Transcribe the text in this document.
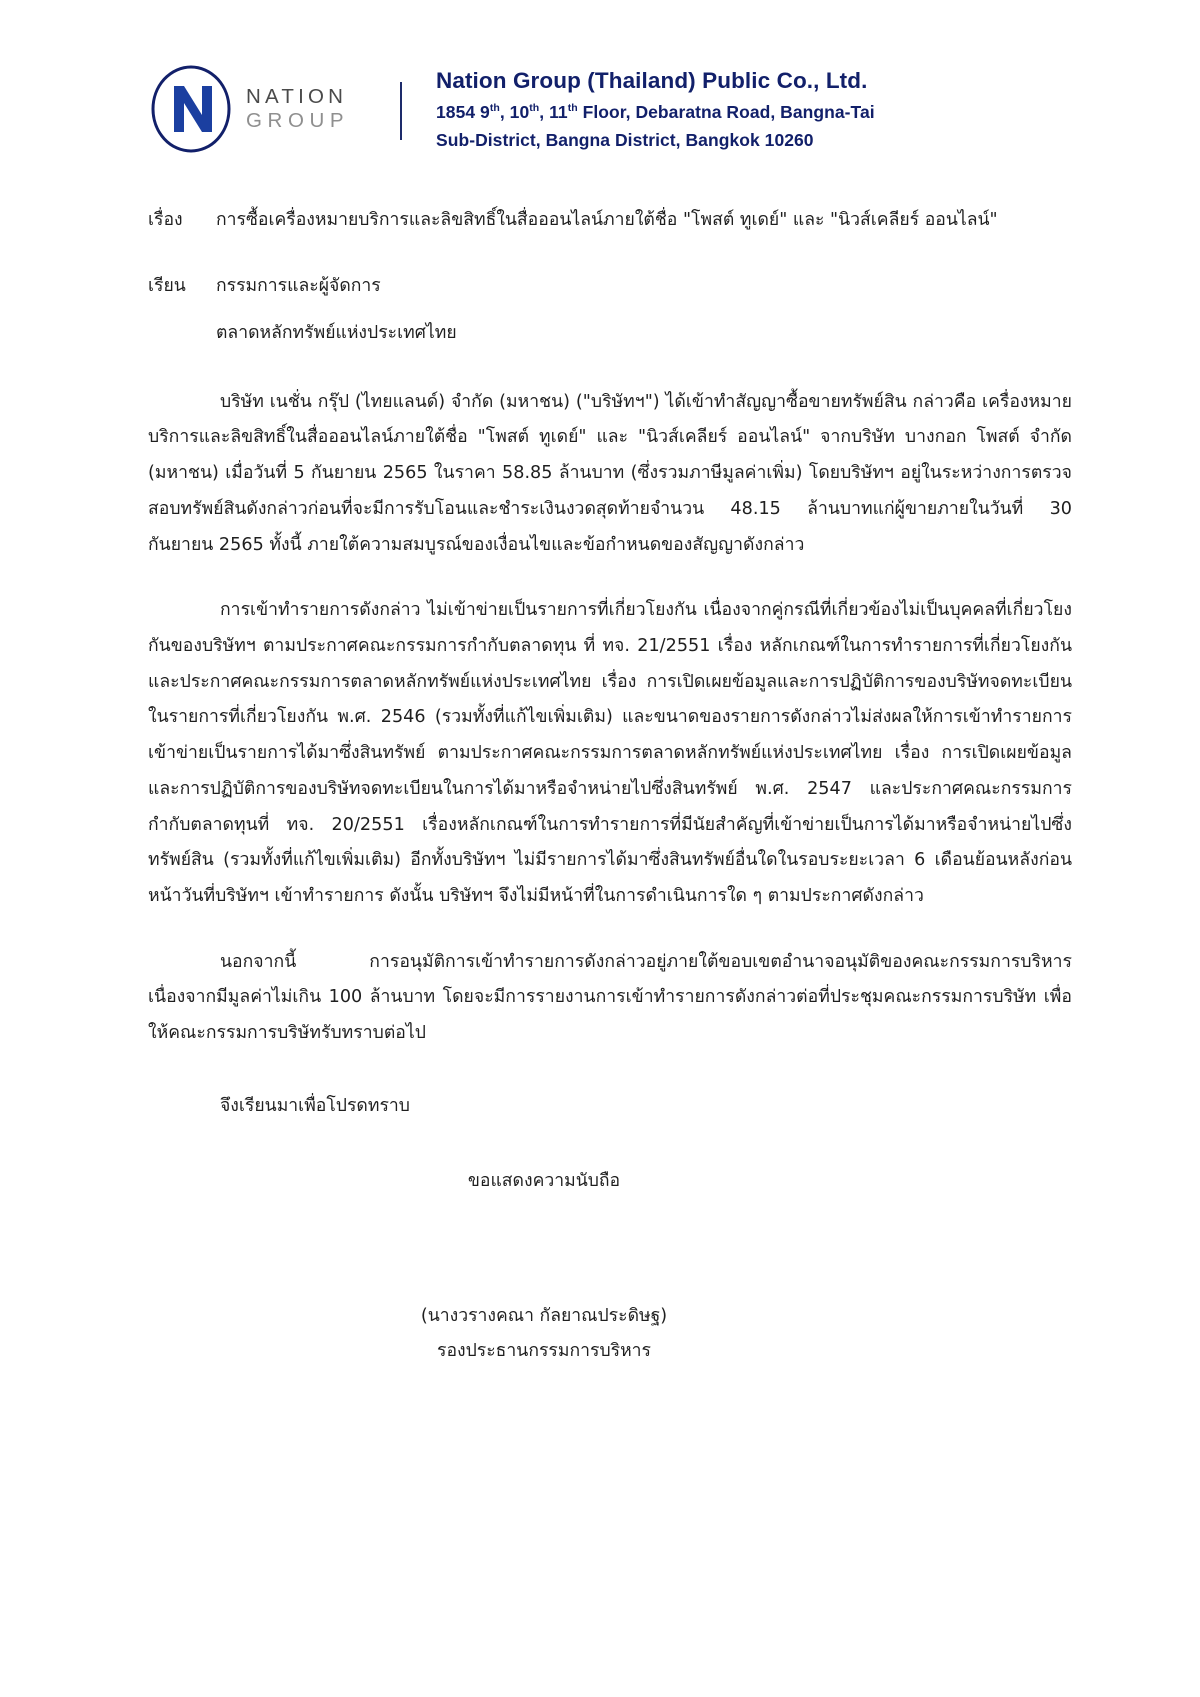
NATION
GROUP
Nation Group (Thailand) Public Co., Ltd.
1854 9th, 10th, 11th Floor, Debaratna Road, Bangna-Tai
Sub-District, Bangna District, Bangkok 10260
เรื่อง	การซื้อเครื่องหมายบริการและลิขสิทธิ์ในสื่อออนไลน์ภายใต้ชื่อ "โพสต์ ทูเดย์" และ "นิวส์เคลียร์ ออนไลน์"
เรียน	กรรมการและผู้จัดการ
ตลาดหลักทรัพย์แห่งประเทศไทย

บริษัท เนชั่น กรุ๊ป (ไทยแลนด์) จำกัด (มหาชน) ("บริษัทฯ") ได้เข้าทำสัญญาซื้อขายทรัพย์สิน กล่าวคือ เครื่องหมายบริการและลิขสิทธิ์ในสื่อออนไลน์ภายใต้ชื่อ "โพสต์ ทูเดย์" และ "นิวส์เคลียร์ ออนไลน์" จากบริษัท บางกอก โพสต์ จำกัด (มหาชน) เมื่อวันที่ 5 กันยายน 2565 ในราคา 58.85 ล้านบาท (ซึ่งรวมภาษีมูลค่าเพิ่ม) โดยบริษัทฯ อยู่ในระหว่างการตรวจสอบทรัพย์สินดังกล่าวก่อนที่จะมีการรับโอนและชำระเงินงวดสุดท้ายจำนวน 48.15 ล้านบาทแก่ผู้ขายภายในวันที่ 30 กันยายน 2565 ทั้งนี้ ภายใต้ความสมบูรณ์ของเงื่อนไขและข้อกำหนดของสัญญาดังกล่าว

การเข้าทำรายการดังกล่าว ไม่เข้าข่ายเป็นรายการที่เกี่ยวโยงกัน เนื่องจากคู่กรณีที่เกี่ยวข้องไม่เป็นบุคคลที่เกี่ยวโยงกันของบริษัทฯ ตามประกาศคณะกรรมการกำกับตลาดทุน ที่ ทจ. 21/2551 เรื่อง หลักเกณฑ์ในการทำรายการที่เกี่ยวโยงกัน และประกาศคณะกรรมการตลาดหลักทรัพย์แห่งประเทศไทย เรื่อง การเปิดเผยข้อมูลและการปฏิบัติการของบริษัทจดทะเบียนในรายการที่เกี่ยวโยงกัน พ.ศ. 2546 (รวมทั้งที่แก้ไขเพิ่มเติม) และขนาดของรายการดังกล่าวไม่ส่งผลให้การเข้าทำรายการเข้าข่ายเป็นรายการได้มาซึ่งสินทรัพย์ ตามประกาศคณะกรรมการตลาดหลักทรัพย์แห่งประเทศไทย เรื่อง การเปิดเผยข้อมูลและการปฏิบัติการของบริษัทจดทะเบียนในการได้มาหรือจำหน่ายไปซึ่งสินทรัพย์ พ.ศ. 2547 และประกาศคณะกรรมการกำกับตลาดทุนที่ ทจ. 20/2551 เรื่องหลักเกณฑ์ในการทำรายการที่มีนัยสำคัญที่เข้าข่ายเป็นการได้มาหรือจำหน่ายไปซึ่งทรัพย์สิน (รวมทั้งที่แก้ไขเพิ่มเติม) อีกทั้งบริษัทฯ ไม่มีรายการได้มาซึ่งสินทรัพย์อื่นใดในรอบระยะเวลา 6 เดือนย้อนหลังก่อนหน้าวันที่บริษัทฯ เข้าทำรายการ ดังนั้น บริษัทฯ จึงไม่มีหน้าที่ในการดำเนินการใด ๆ ตามประกาศดังกล่าว

นอกจากนี้ การอนุมัติการเข้าทำรายการดังกล่าวอยู่ภายใต้ขอบเขตอำนาจอนุมัติของคณะกรรมการบริหาร เนื่องจากมีมูลค่าไม่เกิน 100 ล้านบาท โดยจะมีการรายงานการเข้าทำรายการดังกล่าวต่อที่ประชุมคณะกรรมการบริษัท เพื่อให้คณะกรรมการบริษัทรับทราบต่อไป

จึงเรียนมาเพื่อโปรดทราบ
ขอแสดงความนับถือ
(นางวรางคณา กัลยาณประดิษฐ)
รองประธานกรรมการบริหาร
